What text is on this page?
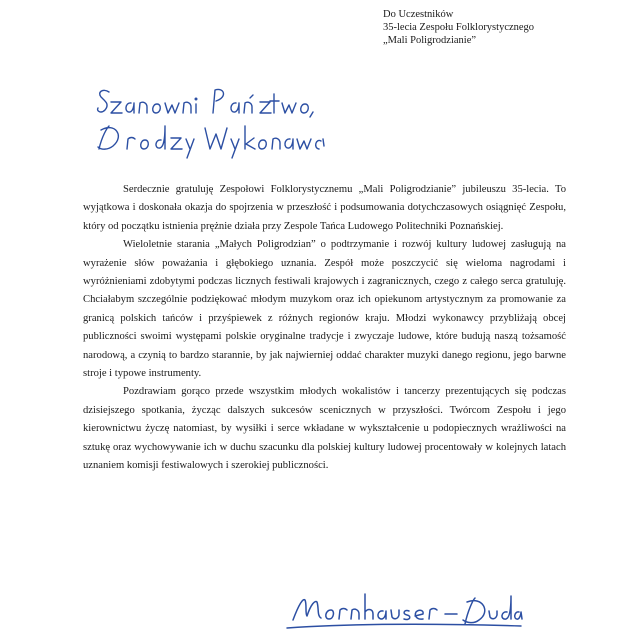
Do Uczestników
35-lecia Zespołu Folklorystycznego
„Mali Poligrodzianie”

Serdecznie gratuluję Zespołowi Folklorystycznemu „Mali Poligrodzianie” jubileuszu 35-lecia. To wyjątkowa i doskonała okazja do spojrzenia w przeszłość i podsumowania dotychczasowych osiągnięć Zespołu, który od początku istnienia prężnie działa przy Zespole Tańca Ludowego Politechniki Poznańskiej.

Wieloletnie starania „Małych Poligrodzian” o podtrzymanie i rozwój kultury ludowej zasługują na wyrażenie słów poważania i głębokiego uznania. Zespół może poszczycić się wieloma nagrodami i wyróżnieniami zdobytymi podczas licznych festiwali krajowych i zagranicznych, czego z całego serca gratuluję. Chciałabym szczególnie podziękować młodym muzykom oraz ich opiekunom artystycznym za promowanie za granicą polskich tańców i przyśpiewek z różnych regionów kraju. Młodzi wykonawcy przybliżają obcej publiczności swoimi występami polskie oryginalne tradycje i zwyczaje ludowe, które budują naszą tożsamość narodową, a czynią to bardzo starannie, by jak najwierniej oddać charakter muzyki danego regionu, jego barwne stroje i typowe instrumenty.

Pozdrawiam gorąco przede wszystkim młodych wokalistów i tancerzy prezentujących się podczas dzisiejszego spotkania, życząc dalszych sukcesów scenicznych w przyszłości. Twórcom Zespołu i jego kierownictwu życzę natomiast, by wysiłki i serce wkładane w wykształcenie u podopiecznych wrażliwości na sztukę oraz wychowywanie ich w duchu szacunku dla polskiej kultury ludowej procentowały w kolejnych latach uznaniem komisji festiwalowych i szerokiej publiczności.
